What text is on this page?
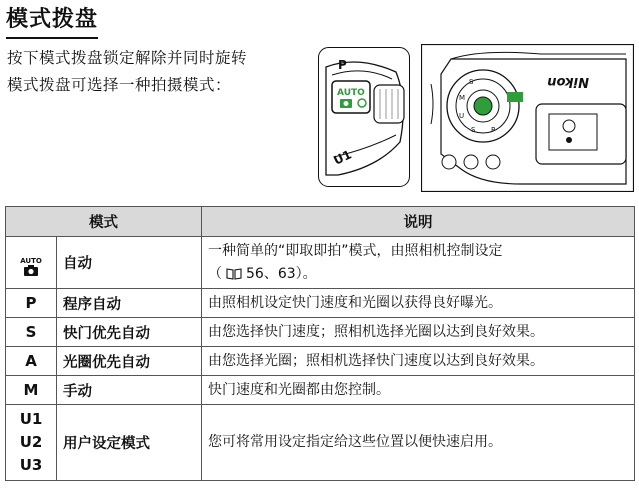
模式拨盘
按下模式拨盘锁定解除并同时旋转
模式拨盘可选择一种拍摄模式：
P
AUTO
U1
S
M
U
S P
Nikon
模式		说明

AUTO	自动	一种简单的“即取即拍”模式，由照相机控制设定
（ 56、63）。

P	程序自动	由照相机设定快门速度和光圈以获得良好曝光。
S	快门优先自动	由您选择快门速度；照相机选择光圈以达到良好效果。
A	光圈优先自动	由您选择光圈；照相机选择快门速度以达到良好效果。
M	手动	快门速度和光圈都由您控制。

U1
U2
U3	用户设定模式	您可将常用设定指定给这些位置以便快速启用。
